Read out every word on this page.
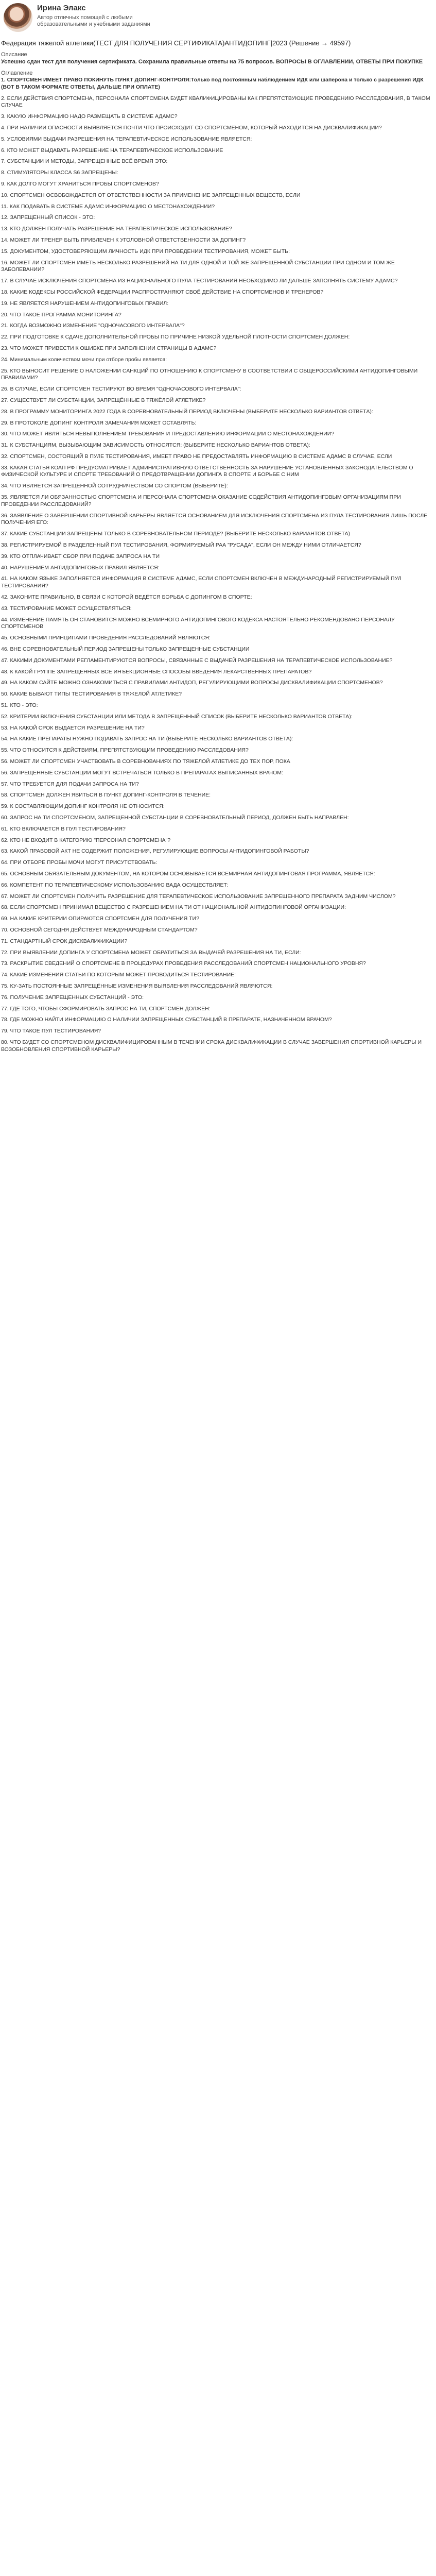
Ирина Элакс
Автор отличных помощей с любыми образовательными и учебными заданиями
Федерация тяжелой атлетики(ТЕСТ ДЛЯ ПОЛУЧЕНИЯ СЕРТИФИКАТА)АНТИДОПИНГ|2023 (Решение → 49597)
Описание
Успешно сдан тест для получения сертификата. Сохранила правильные ответы на 75 вопросов. ВОПРОСЫ В ОГЛАВЛЕНИИ, ОТВЕТЫ ПРИ ПОКУПКЕ
Оглавление
1. СПОРТСМЕН ИМЕЕТ ПРАВО ПОКИНУТЬ ПУНКТ ДОПИНГ-КОНТРОЛЯ:Только под постоянным наблюдением ИДК или шаперона и только с разрешения ИДК (ВОТ В ТАКОМ ФОРМАТЕ ОТВЕТЫ, ДАЛЬШЕ ПРИ ОПЛАТЕ)
2. ЕСЛИ ДЕЙСТВИЯ СПОРТСМЕНА, ПЕРСОНАЛА СПОРТСМЕНА БУДЕТ КВАЛИФИЦИРОВАНЫ КАК ПРЕПЯТСТВУЮЩИЕ ПРОВЕДЕНИЮ РАССЛЕДОВАНИЯ, В ТАКОМ СЛУЧАЕ
3. КАКУЮ ИНФОРМАЦИЮ НАДО РАЗМЕЩАТЬ В СИСТЕМЕ АДАМС?
4. ПРИ НАЛИЧИИ ОПАСНОСТИ ВЫЯВЛЯЕТСЯ ПОЧТИ ЧТО ПРОИСХОДИТ СО СПОРТСМЕНОМ, КОТОРЫЙ НАХОДИТСЯ НА ДИСКВАЛИФИКАЦИИ?
5. УСЛОВИЯМИ ВЫДАЧИ РАЗРЕШЕНИЯ НА ТЕРАПЕВТИЧЕСКОЕ ИСПОЛЬЗОВАНИЕ ЯВЛЯЕТСЯ:
6. КТО МОЖЕТ ВЫДАВАТЬ РАЗРЕШЕНИЕ НА ТЕРАПЕВТИЧЕСКОЕ ИСПОЛЬЗОВАНИЕ
7. СУБСТАНЦИИ И МЕТОДЫ, ЗАПРЕЩЕННЫЕ ВСЁ ВРЕМЯ ЭТО:
8. СТИМУЛЯТОРЫ КЛАССА S6 ЗАПРЕЩЕНЫ:
9. КАК ДОЛГО МОГУТ ХРАНИТЬСЯ ПРОБЫ СПОРТСМЕНОВ?
10. СПОРТСМЕН ОСВОБОЖДАЕТСЯ ОТ ОТВЕТСТВЕННОСТИ ЗА ПРИМЕНЕНИЕ ЗАПРЕЩЕННЫХ ВЕЩЕСТВ, ЕСЛИ
11. КАК ПОДАВАТЬ В СИСТЕМЕ АДАМС ИНФОРМАЦИЮ О МЕСТОНАХОЖДЕНИИ?
12. ЗАПРЕЩЕННЫЙ СПИСОК - ЭТО:
13. КТО ДОЛЖЕН ПОЛУЧАТЬ РАЗРЕШЕНИЕ НА ТЕРАПЕВТИЧЕСКОЕ ИСПОЛЬЗОВАНИЕ?
14. МОЖЕТ ЛИ ТРЕНЕР БЫТЬ ПРИВЛЕЧЕН К УГОЛОВНОЙ ОТВЕТСТВЕННОСТИ ЗА ДОПИНГ?
15. ДОКУМЕНТОМ, УДОСТОВЕРЯЮЩИМ ЛИЧНОСТЬ ИДК ПРИ ПРОВЕДЕНИИ ТЕСТИРОВАНИЯ, МОЖЕТ БЫТЬ:
16. МОЖЕТ ЛИ СПОРТСМЕН ИМЕТЬ НЕСКОЛЬКО РАЗРЕШЕНИЙ НА ТИ ДЛЯ ОДНОЙ И ТОЙ ЖЕ ЗАПРЕЩЕННОЙ СУБСТАНЦИИ ПРИ ОДНОМ И ТОМ ЖЕ ЗАБОЛЕВАНИИ?
17. В СЛУЧАЕ ИСКЛЮЧЕНИЯ СПОРТСМЕНА ИЗ НАЦИОНАЛЬНОГО ПУЛА ТЕСТИРОВАНИЯ НЕОБХОДИМО ЛИ ДАЛЬШЕ ЗАПОЛНЯТЬ СИСТЕМУ АДАМС?
18. КАКИЕ КОДЕКСЫ РОССИЙСКОЙ ФЕДЕРАЦИИ РАСПРОСТРАНЯЮТ СВОЁ ДЕЙСТВИЕ НА СПОРТСМЕНОВ И ТРЕНЕРОВ?
19. НЕ ЯВЛЯЕТСЯ НАРУШЕНИЕМ АНТИДОПИНГОВЫХ ПРАВИЛ:
20. ЧТО ТАКОЕ ПРОГРАММА МОНИТОРИНГА?
21. КОГДА ВОЗМОЖНО ИЗМЕНЕНИЕ "ОДНОЧАСОВОГО ИНТЕРВАЛА"?
22. ПРИ ПОДГОТОВКЕ К СДАЧЕ ДОПОЛНИТЕЛЬНОЙ ПРОБЫ ПО ПРИЧИНЕ НИЗКОЙ УДЕЛЬНОЙ ПЛОТНОСТИ СПОРТСМЕН ДОЛЖЕН:
23. ЧТО МОЖЕТ ПРИВЕСТИ К ОШИБКЕ ПРИ ЗАПОЛНЕНИИ СТРАНИЦЫ В АДАМС?
24. Минимальным количеством мочи при отборе пробы является:
25. КТО ВЫНОСИТ РЕШЕНИЕ О НАЛОЖЕНИИ САНКЦИЙ ПО ОТНОШЕНИЮ К СПОРТСМЕНУ В СООТВЕТСТВИИ С ОБЩЕРОССИЙСКИМИ АНТИДОПИНГОВЫМИ ПРАВИЛАМИ?
26. В СЛУЧАЕ, ЕСЛИ СПОРТСМЕН ТЕСТИРУЮТ ВО ВРЕМЯ "ОДНОЧАСОВОГО ИНТЕРВАЛА":
27. СУЩЕСТВУЕТ ЛИ СУБСТАНЦИИ, ЗАПРЕЩЁННЫЕ В ТЯЖЁЛОЙ АТЛЕТИКЕ?
28. В ПРОГРАММУ МОНИТОРИНГА 2022 ГОДА В СОРЕВНОВАТЕЛЬНЫЙ ПЕРИОД ВКЛЮЧЕНЫ (ВЫБЕРИТЕ НЕСКОЛЬКО ВАРИАНТОВ ОТВЕТА):
29. В ПРОТОКОЛЕ ДОПИНГ КОНТРОЛЯ ЗАМЕЧАНИЯ МОЖЕТ ОСТАВЛЯТЬ:
30. ЧТО МОЖЕТ ЯВЛЯТЬСЯ НЕВЫПОЛНЕНИЕМ ТРЕБОВАНИЯ И ПРЕДОСТАВЛЕНИЮ ИНФОРМАЦИИ О МЕСТОНАХОЖДЕНИИ?
31. К СУБСТАНЦИЯМ, ВЫЗЫВАЮЩИМ ЗАВИСИМОСТЬ ОТНОСЯТСЯ: (ВЫБЕРИТЕ НЕСКОЛЬКО ВАРИАНТОВ ОТВЕТА):
32. СПОРТСМЕН, СОСТОЯЩИЙ В ПУЛЕ ТЕСТИРОВАНИЯ, ИМЕЕТ ПРАВО НЕ ПРЕДОСТАВЛЯТЬ ИНФОРМАЦИЮ В СИСТЕМЕ АДАМС В СЛУЧАЕ, ЕСЛИ
33. КАКАЯ СТАТЬЯ КОАП РФ ПРЕДУСМАТРИВАЕТ АДМИНИСТРАТИВНУЮ ОТВЕТСТВЕННОСТЬ ЗА НАРУШЕНИЕ УСТАНОВЛЕННЫХ ЗАКОНОДАТЕЛЬСТВОМ О ФИЗИЧЕСКОЙ КУЛЬТУРЕ И СПОРТЕ ТРЕБОВАНИЙ О ПРЕДОТВРАЩЕНИИ ДОПИНГА В СПОРТЕ И БОРЬБЕ С НИМ
34. ЧТО ЯВЛЯЕТСЯ ЗАПРЕЩЕННОЙ СОТРУДНИЧЕСТВОМ СО СПОРТОМ (ВЫБЕРИТЕ):
35. ЯВЛЯЕТСЯ ЛИ ОБЯЗАННОСТЬЮ СПОРТСМЕНА И ПЕРСОНАЛА СПОРТСМЕНА ОКАЗАНИЕ СОДЕЙСТВИЯ АНТИДОПИНГОВЫМ ОРГАНИЗАЦИЯМ ПРИ ПРОВЕДЕНИИ РАССЛЕДОВАНИЙ?
36. ЗАЯВЛЕНИЕ О ЗАВЕРШЕНИИ СПОРТИВНОЙ КАРЬЕРЫ ЯВЛЯЕТСЯ ОСНОВАНИЕМ ДЛЯ ИСКЛЮЧЕНИЯ СПОРТСМЕНА ИЗ ПУЛА ТЕСТИРОВАНИЯ ЛИШЬ ПОСЛЕ ПОЛУЧЕНИЯ ЕГО:
37. КАКИЕ СУБСТАНЦИИ ЗАПРЕЩЕНЫ ТОЛЬКО В СОРЕВНОВАТЕЛЬНОМ ПЕРИОДЕ? (ВЫБЕРИТЕ НЕСКОЛЬКО ВАРИАНТОВ ОТВЕТА)
38. РЕГИСТРИРУЕМОЙ В РАЗДЕЛЕННЫЙ ПУЛ ТЕСТИРОВАНИЯ, ФОРМИРУЕМЫЙ РАА "РУСАДА", ЕСЛИ ОН МЕЖДУ НИМИ ОТЛИЧАЕТСЯ?
39. КТО ОТПЛАЧИВАЕТ СБОР ПРИ ПОДАЧЕ ЗАПРОСА НА ТИ
40. НАРУШЕНИЕМ АНТИДОПИНГОВЫХ ПРАВИЛ ЯВЛЯЕТСЯ:
41. НА КАКОМ ЯЗЫКЕ ЗАПОЛНЯЕТСЯ ИНФОРМАЦИЯ В СИСТЕМЕ АДАМС, ЕСЛИ СПОРТСМЕН ВКЛЮЧЕН В МЕЖДУНАРОДНЫЙ РЕГИСТРИРУЕМЫЙ ПУЛ ТЕСТИРОВАНИЯ?
42. ЗАКОНИТЕ ПРАВИЛЬНО, В СВЯЗИ С КОТОРОЙ ВЕДЁТСЯ БОРЬБА С ДОПИНГОМ В СПОРТЕ:
43. ТЕСТИРОВАНИЕ МОЖЕТ ОСУЩЕСТВЛЯТЬСЯ:
44. ИЗМЕНЕНИЕ ПАМЯТЬ ОН СТАНОВИТСЯ МОЖНО ВСЕМИРНОГО АНТИДОПИНГОВОГО КОДЕКСА НАСТОЯТЕЛЬНО РЕКОМЕНДОВАНО ПЕРСОНАЛУ СПОРТСМЕНОВ
45. ОСНОВНЫМИ ПРИНЦИПАМИ ПРОВЕДЕНИЯ РАССЛЕДОВАНИЙ ЯВЛЯЮТСЯ:
46. ВНЕ СОРЕВНОВАТЕЛЬНЫЙ ПЕРИОД ЗАПРЕЩЕНЫ ТОЛЬКО ЗАПРЕЩЕННЫЕ СУБСТАНЦИИ
47. КАКИМИ ДОКУМЕНТАМИ РЕГЛАМЕНТИРУЮТСЯ ВОПРОСЫ, СВЯЗАННЫЕ С ВЫДАЧЕЙ РАЗРЕШЕНИЯ НА ТЕРАПЕВТИЧЕСКОЕ ИСПОЛЬЗОВАНИЕ?
48. К КАКОЙ ГРУППЕ ЗАПРЕЩЕННЫХ ВСЕ ИНЪЕКЦИОННЫЕ СПОСОБЫ ВВЕДЕНИЯ ЛЕКАРСТВЕННЫХ ПРЕПАРАТОВ?
49. НА КАКОМ САЙТЕ МОЖНО ОЗНАКОМИТЬСЯ С ПРАВИЛАМИ АНТИДОП, РЕГУЛИРУЮЩИМИ ВОПРОСЫ ДИСКВАЛИФИКАЦИИ СПОРТСМЕНОВ?
50. КАКИЕ БЫВАЮТ ТИПЫ ТЕСТИРОВАНИЯ В ТЯЖЕЛОЙ АТЛЕТИКЕ?
51. КТО - ЭТО:
52. КРИТЕРИИ ВКЛЮЧЕНИЯ СУБСТАНЦИИ ИЛИ МЕТОДА В ЗАПРЕЩЕННЫЙ СПИСОК (ВЫБЕРИТЕ НЕСКОЛЬКО ВАРИАНТОВ ОТВЕТА):
53. НА КАКОЙ СРОК ВЫДАЕТСЯ РАЗРЕШЕНИЕ НА ТИ?
54. НА КАКИЕ ПРЕПАРАТЫ НУЖНО ПОДАВАТЬ ЗАПРОС НА ТИ (ВЫБЕРИТЕ НЕСКОЛЬКО ВАРИАНТОВ ОТВЕТА):
55. ЧТО ОТНОСИТСЯ К ДЕЙСТВИЯМ, ПРЕПЯТСТВУЮЩИМ ПРОВЕДЕНИЮ РАССЛЕДОВАНИЯ?
56. МОЖЕТ ЛИ СПОРТСМЕН УЧАСТВОВАТЬ В СОРЕВНОВАНИЯХ ПО ТЯЖЕЛОЙ АТЛЕТИКЕ ДО ТЕХ ПОР, ПОКА
56. ЗАПРЕЩЕННЫЕ СУБСТАНЦИИ МОГУТ ВСТРЕЧАТЬСЯ ТОЛЬКО В ПРЕПАРАТАХ ВЫПИСАННЫХ ВРАЧОМ:
57. ЧТО ТРЕБУЕТСЯ ДЛЯ ПОДАЧИ ЗАПРОСА НА ТИ?
58. СПОРТСМЕН ДОЛЖЕН ЯВИТЬСЯ В ПУНКТ ДОПИНГ-КОНТРОЛЯ В ТЕЧЕНИЕ:
59. К СОСТАВЛЯЮЩИМ ДОПИНГ КОНТРОЛЯ НЕ ОТНОСИТСЯ:
60. ЗАПРОС НА ТИ СПОРТСМЕНОМ, ЗАПРЕЩЕННОЙ СУБСТАНЦИИ В СОРЕВНОВАТЕЛЬНЫЙ ПЕРИОД, ДОЛЖЕН БЫТЬ НАПРАВЛЕН:
61. КТО ВКЛЮЧАЕТСЯ В ПУЛ ТЕСТИРОВАНИЯ?
62. КТО НЕ ВХОДИТ В КАТЕГОРИЮ "ПЕРСОНАЛ СПОРТСМЕНА"?
63. КАКОЙ ПРАВОВОЙ АКТ НЕ СОДЕРЖИТ ПОЛОЖЕНИЯ, РЕГУЛИРУЮЩИЕ ВОПРОСЫ АНТИДОПИНГОВОЙ РАБОТЫ?
64. ПРИ ОТБОРЕ ПРОБЫ МОЧИ МОГУТ ПРИСУТСТВОВАТЬ:
65. ОСНОВНЫМ ОБЯЗАТЕЛЬНЫМ ДОКУМЕНТОМ, НА КОТОРОМ ОСНОВЫВАЕТСЯ ВСЕМИРНАЯ АНТИДОПИНГОВАЯ ПРОГРАММА, ЯВЛЯЕТСЯ:
66. КОМПЕТЕНТ ПО ТЕРАПЕВТИЧЕСКОМУ ИСПОЛЬЗОВАНИЮ ВАДА ОСУЩЕСТВЛЯЕТ:
67. МОЖЕТ ЛИ СПОРТСМЕН ПОЛУЧИТЬ РАЗРЕШЕНИЕ ДЛЯ ТЕРАПЕВТИЧЕСКОЕ ИСПОЛЬЗОВАНИЕ ЗАПРЕЩЕННОГО ПРЕПАРАТА ЗАДНИМ ЧИСЛОМ?
68. ЕСЛИ СПОРТСМЕН ПРИНИМАЛ ВЕЩЕСТВО С РАЗРЕШЕНИЕМ НА ТИ ОТ НАЦИОНАЛЬНОЙ АНТИДОПИНГОВОЙ ОРГАНИЗАЦИИ:
69. НА КАКИЕ КРИТЕРИИ ОПИРАЮТСЯ СПОРТСМЕН ДЛЯ ПОЛУЧЕНИЯ ТИ?
70. ОСНОВНОЙ СЕГОДНЯ ДЕЙСТВУЕТ МЕЖДУНАРОДНЫМ СТАНДАРТОМ?
71. СТАНДАРТНЫЙ СРОК ДИСКВАЛИФИКАЦИИ?
72. ПРИ ВЫЯВЛЕНИИ ДОПИНГА У СПОРТСМЕНА МОЖЕТ ОБРАТИТЬСЯ ЗА ВЫДАЧЕЙ РАЗРЕШЕНИЯ НА ТИ, ЕСЛИ:
73. РАСКРЫТИЕ СВЕДЕНИЙ О СПОРТСМЕНЕ В ПРОЦЕДУРАХ ПРОВЕДЕНИЯ РАССЛЕДОВАНИЙ СПОРТСМЕН НАЦИОНАЛЬНОГО УРОВНЯ?
74. КАКИЕ ИЗМЕНЕНИЯ СТАТЬИ ПО КОТОРЫМ МОЖЕТ ПРОВОДИТЬСЯ ТЕСТИРОВАНИЕ:
75. КУ-ЗАТЬ ПОСТОЯННЫЕ ЗАПРЕЩЁННЫЕ ИЗМЕНЕНИЯ ВЫЯВЛЕНИЯ РАССЛЕДОВАНИЙ ЯВЛЯЮТСЯ:
76. ПОЛУЧЕНИЕ ЗАПРЕЩЕННЫХ СУБСТАНЦИЙ - ЭТО:
77. ГДЕ ТОГО, ЧТОБЫ СФОРМИРОВАТЬ ЗАПРОС НА ТИ, СПОРТСМЕН ДОЛЖЕН:
78. ГДЕ МОЖНО НАЙТИ ИНФОРМАЦИЮ О НАЛИЧИИ ЗАПРЕЩЕННЫХ СУБСТАНЦИЙ В ПРЕПАРАТЕ, НАЗНАЧЕННОМ ВРАЧОМ?
79. ЧТО ТАКОЕ ПУЛ ТЕСТИРОВАНИЯ?
80. ЧТО БУДЕТ СО СПОРТСМЕНОМ ДИСКВАЛИФИЦИРОВАННЫМ В ТЕЧЕНИИ СРОКА ДИСКВАЛИФИКАЦИИ В СЛУЧАЕ ЗАВЕРШЕНИЯ СПОРТИВНОЙ КАРЬЕРЫ И ВОЗОБНОВЛЕНИЯ СПОРТИВНОЙ КАРЬЕРЫ?
